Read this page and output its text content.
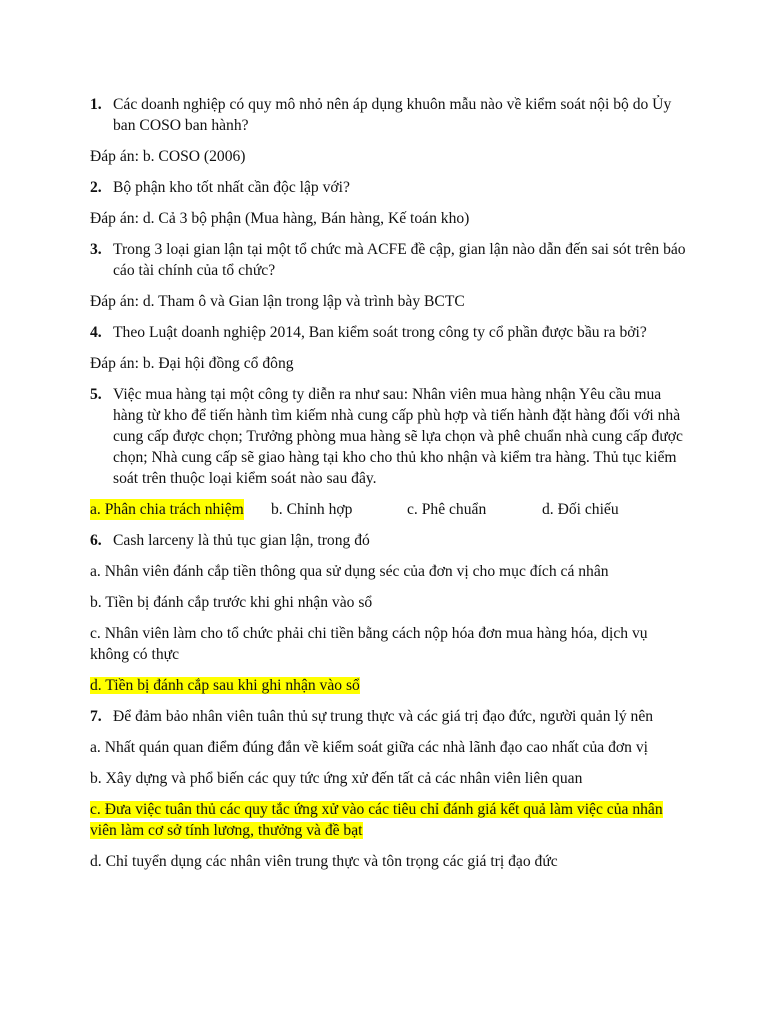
1. Các doanh nghiệp có quy mô nhỏ nên áp dụng khuôn mẫu nào về kiểm soát nội bộ do Ủy ban COSO ban hành?
Đáp án: b. COSO (2006)
2. Bộ phận kho tốt nhất cần độc lập với?
Đáp án: d. Cả 3 bộ phận (Mua hàng, Bán hàng, Kế toán kho)
3. Trong 3 loại gian lận tại một tổ chức mà ACFE đề cập, gian lận nào dẫn đến sai sót trên báo cáo tài chính của tổ chức?
Đáp án: d. Tham ô và Gian lận trong lập và trình bày BCTC
4. Theo Luật doanh nghiệp 2014, Ban kiểm soát trong công ty cổ phần được bầu ra bởi?
Đáp án: b. Đại hội đồng cổ đông
5. Việc mua hàng tại một công ty diễn ra như sau: Nhân viên mua hàng nhận Yêu cầu mua hàng từ kho để tiến hành tìm kiếm nhà cung cấp phù hợp và tiến hành đặt hàng đối với nhà cung cấp được chọn; Trưởng phòng mua hàng sẽ lựa chọn và phê chuẩn nhà cung cấp được chọn; Nhà cung cấp sẽ giao hàng tại kho cho thủ kho nhận và kiểm tra hàng. Thủ tục kiểm soát trên thuộc loại kiểm soát nào sau đây.
a. Phân chia trách nhiệm b. Chỉnh hợp	c. Phê chuẩn	d. Đối chiếu
6. Cash larceny là thủ tục gian lận, trong đó
a. Nhân viên đánh cắp tiền thông qua sử dụng séc của đơn vị cho mục đích cá nhân
b. Tiền bị đánh cắp trước khi ghi nhận vào sổ
c. Nhân viên làm cho tổ chức phải chi tiền bằng cách nộp hóa đơn mua hàng hóa, dịch vụ không có thực
d. Tiền bị đánh cắp sau khi ghi nhận vào sổ
7. Để đảm bảo nhân viên tuân thủ sự trung thực và các giá trị đạo đức, người quản lý nên
a. Nhất quán quan điểm đúng đắn về kiểm soát giữa các nhà lãnh đạo cao nhất của đơn vị
b. Xây dựng và phổ biến các quy tức ứng xử đến tất cả các nhân viên liên quan
c. Đưa việc tuân thủ các quy tắc ứng xử vào các tiêu chỉ đánh giá kết quả làm việc của nhân viên làm cơ sở tính lương, thưởng và đề bạt
d. Chỉ tuyển dụng các nhân viên trung thực và tôn trọng các giá trị đạo đức
